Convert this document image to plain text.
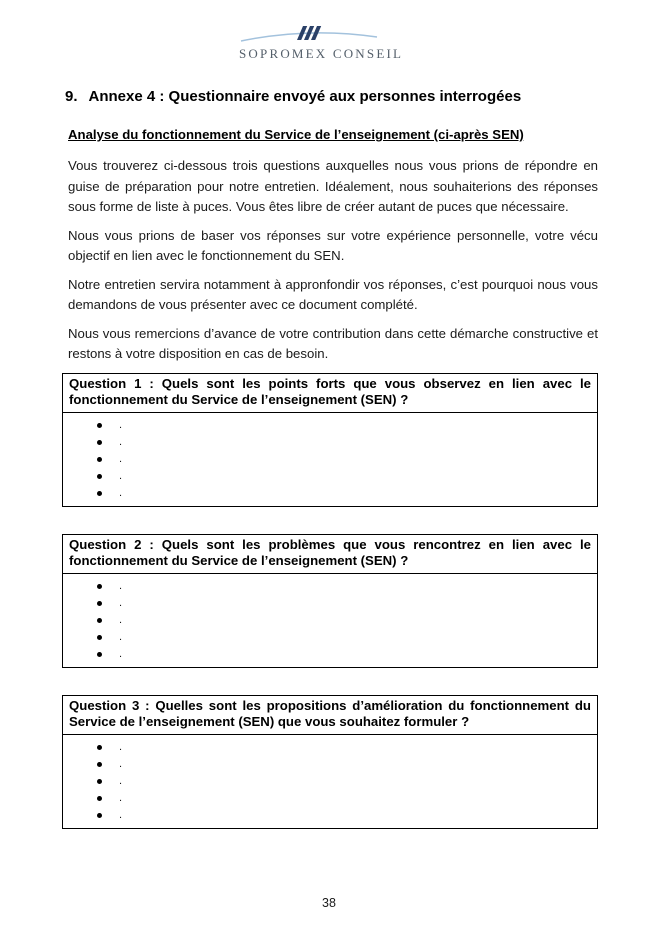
SOPROMEX CONSEIL
9. Annexe 4 : Questionnaire envoyé aux personnes interrogées
Analyse du fonctionnement du Service de l’enseignement (ci-après SEN)

Vous trouverez ci-dessous trois questions auxquelles nous vous prions de répondre en guise de préparation pour notre entretien. Idéalement, nous souhaiterions des réponses sous forme de liste à puces. Vous êtes libre de créer autant de puces que nécessaire.

Nous vous prions de baser vos réponses sur votre expérience personnelle, votre vécu objectif en lien avec le fonctionnement du SEN.

Notre entretien servira notamment à appronfondir vos réponses, c’est pourquoi nous vous demandons de vous présenter avec ce document complété.

Nous vous remercions d’avance de votre contribution dans cette démarche constructive et restons à votre disposition en cas de besoin.

Question 1 : Quels sont les points forts que vous observez en lien avec le fonctionnement du Service de l’enseignement (SEN) ?
.
.
.
.
.
Question 2 : Quels sont les problèmes que vous rencontrez en lien avec le fonctionnement du Service de l’enseignement (SEN) ?
.
.
.
.
.
Question 3 : Quelles sont les propositions d’amélioration du fonctionnement du Service de l’enseignement (SEN) que vous souhaitez formuler ?
.
.
.
.
.
38
